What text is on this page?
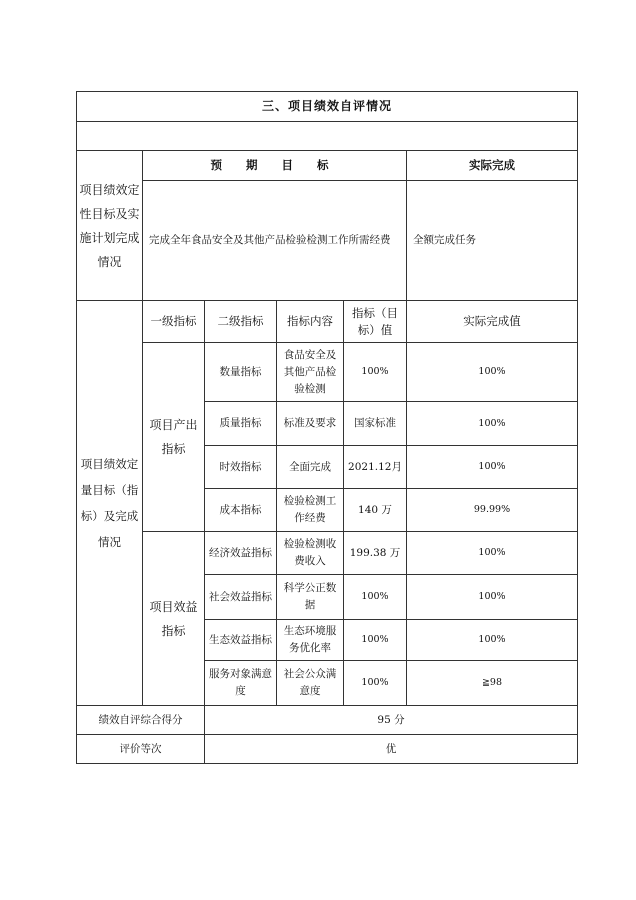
三、项目绩效自评情况					

项目绩效定性目标及实施计划完成情况	预 期 目 标				实际完成
	完成全年食品安全及其他产品检验检测工作所需经费				全额完成任务
项目绩效定量目标（指标）及完成情况	一级指标	二级指标	指标内容	指标（目标）值	实际完成值
	项目产出指标	数量指标	食品安全及其他产品检验检测	100%	100%
		质量指标	标准及要求	国家标准	100%
		时效指标	全面完成	2021.12月	100%
		成本指标	检验检测工作经费	140 万	99.99%
	项目效益指标	经济效益指标	检验检测收费收入	199.38 万	100%
		社会效益指标	科学公正数据	100%	100%
		生态效益指标	生态环境服务优化率	100%	100%
		服务对象满意度	社会公众满意度	100%	≧98
绩效自评综合得分		95 分			
评价等次		优			
